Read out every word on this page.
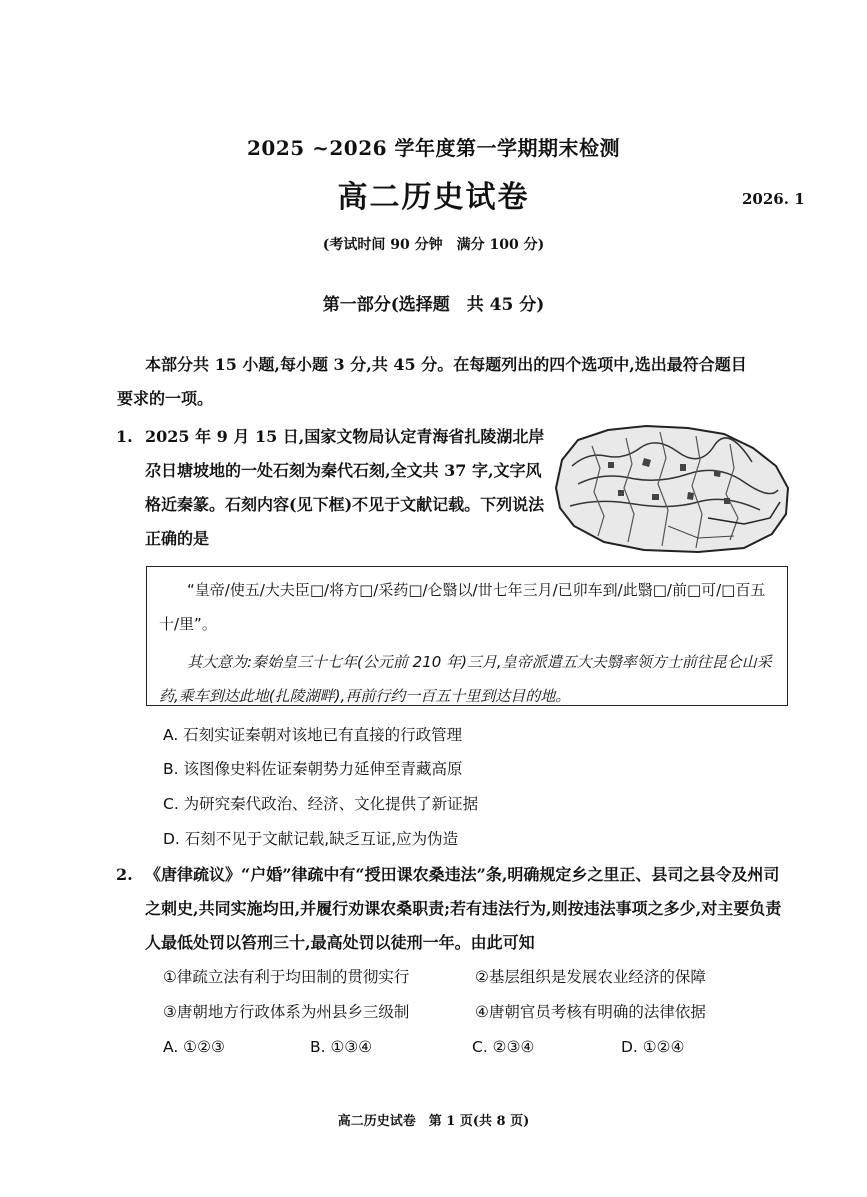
2025 ~2026 学年度第一学期期末检测
高二历史试卷	2026. 1
(考试时间 90 分钟　满分 100 分)
第一部分(选择题　共 45 分)
本部分共 15 小题,每小题 3 分,共 45 分。在每题列出的四个选项中,选出最符合题目要求的一项。
1. 2025 年 9 月 15 日,国家文物局认定青海省扎陵湖北岸尕日塘坡地的一处石刻为秦代石刻,全文共 37 字,文字风格近秦篆。石刻内容(见下框)不见于文献记载。下列说法正确的是

“皇帝/使五/大夫臣□/将方□/采药□/仑翳以/丗七年三月/已卯车到/此翳□/前□可/□百五十/里”。

其大意为:秦始皇三十七年(公元前 210 年)三月,皇帝派遣五大夫翳率领方士前往昆仑山采药,乘车到达此地(扎陵湖畔),再前行约一百五十里到达目的地。

A. 石刻实证秦朝对该地已有直接的行政管理
B. 该图像史料佐证秦朝势力延伸至青藏高原
C. 为研究秦代政治、经济、文化提供了新证据
D. 石刻不见于文献记载,缺乏互证,应为伪造
2. 《唐律疏议》“户婚”律疏中有“授田课农桑违法”条,明确规定乡之里正、县司之县令及州司之刺史,共同实施均田,并履行劝课农桑职责;若有违法行为,则按违法事项之多少,对主要负责人最低处罚以笞刑三十,最高处罚以徒刑一年。由此可知
①律疏立法有利于均田制的贯彻实行	②基层组织是发展农业经济的保障
③唐朝地方行政体系为州县乡三级制	④唐朝官员考核有明确的法律依据
A. ①②③	B. ①③④	C. ②③④	D. ①②④
高二历史试卷　第 1 页(共 8 页)
